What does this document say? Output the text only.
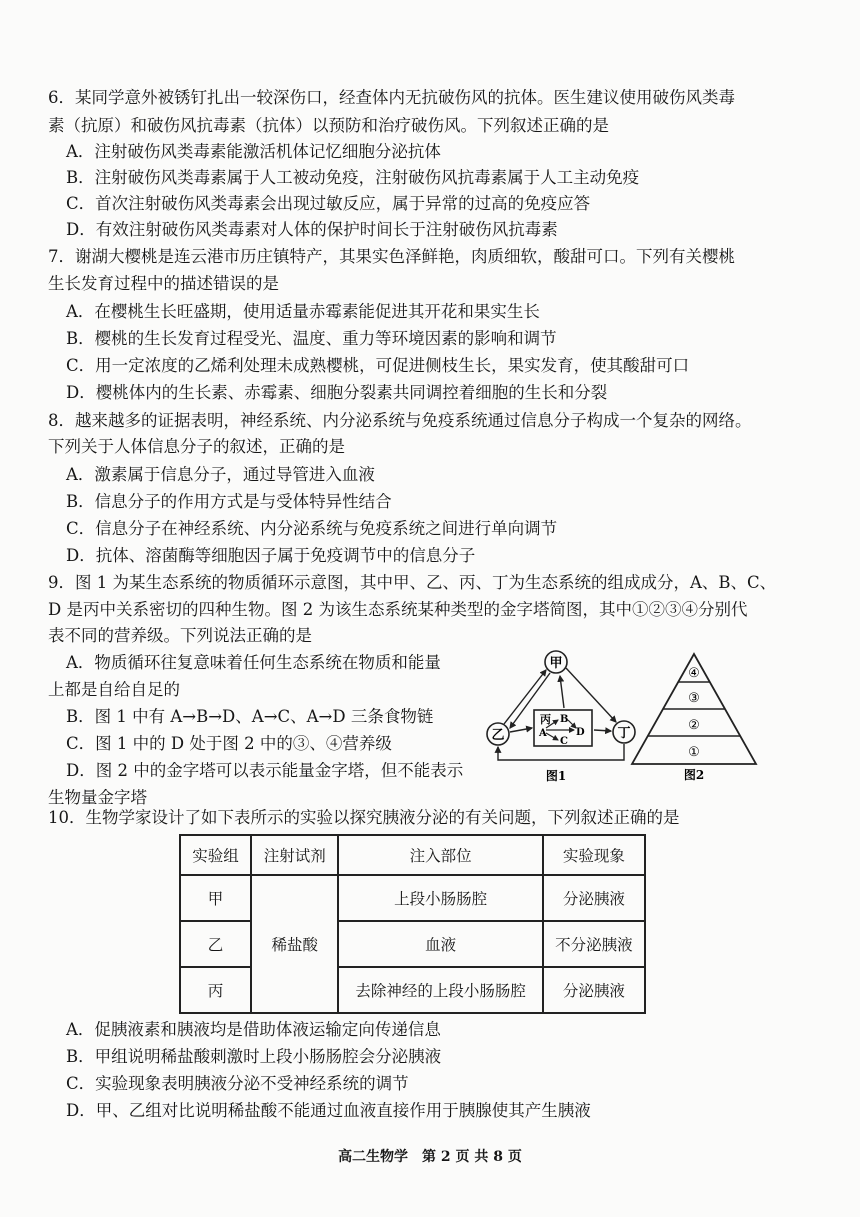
6．某同学意外被锈钉扎出一较深伤口，经查体内无抗破伤风的抗体。医生建议使用破伤风类毒
素（抗原）和破伤风抗毒素（抗体）以预防和治疗破伤风。下列叙述正确的是
A．注射破伤风类毒素能激活机体记忆细胞分泌抗体
B．注射破伤风类毒素属于人工被动免疫，注射破伤风抗毒素属于人工主动免疫
C．首次注射破伤风类毒素会出现过敏反应，属于异常的过高的免疫应答
D．有效注射破伤风类毒素对人体的保护时间长于注射破伤风抗毒素
7．谢湖大樱桃是连云港市历庄镇特产，其果实色泽鲜艳，肉质细软，酸甜可口。下列有关樱桃
生长发育过程中的描述错误的是
A．在樱桃生长旺盛期，使用适量赤霉素能促进其开花和果实生长
B．樱桃的生长发育过程受光、温度、重力等环境因素的影响和调节
C．用一定浓度的乙烯利处理未成熟樱桃，可促进侧枝生长，果实发育，使其酸甜可口
D．樱桃体内的生长素、赤霉素、细胞分裂素共同调控着细胞的生长和分裂
8．越来越多的证据表明，神经系统、内分泌系统与免疫系统通过信息分子构成一个复杂的网络。
下列关于人体信息分子的叙述，正确的是
A．激素属于信息分子，通过导管进入血液
B．信息分子的作用方式是与受体特异性结合
C．信息分子在神经系统、内分泌系统与免疫系统之间进行单向调节
D．抗体、溶菌酶等细胞因子属于免疫调节中的信息分子
9．图 1 为某生态系统的物质循环示意图，其中甲、乙、丙、丁为生态系统的组成成分，A、B、C、
D 是丙中关系密切的四种生物。图 2 为该生态系统某种类型的金字塔简图，其中①②③④分别代
表不同的营养级。下列说法正确的是
A．物质循环往复意味着任何生态系统在物质和能量
上都是自给自足的
B．图 1 中有 A→B→D、A→C、A→D 三条食物链
C．图 1 中的 D 处于图 2 中的③、④营养级
D．图 2 中的金字塔可以表示能量金字塔，但不能表示
生物量金字塔
甲
乙	丁
丙 B
A	D
C
图1
④
③
②
①
图2
10．生物学家设计了如下表所示的实验以探究胰液分泌的有关问题，下列叙述正确的是
实验组	注射试剂	注入部位	实验现象
甲	稀盐酸	上段小肠肠腔	分泌胰液
乙		血液	不分泌胰液
丙		去除神经的上段小肠肠腔	分泌胰液
A．促胰液素和胰液均是借助体液运输定向传递信息
B．甲组说明稀盐酸刺激时上段小肠肠腔会分泌胰液
C．实验现象表明胰液分泌不受神经系统的调节
D．甲、乙组对比说明稀盐酸不能通过血液直接作用于胰腺使其产生胰液
高二生物学　第 2 页 共 8 页
